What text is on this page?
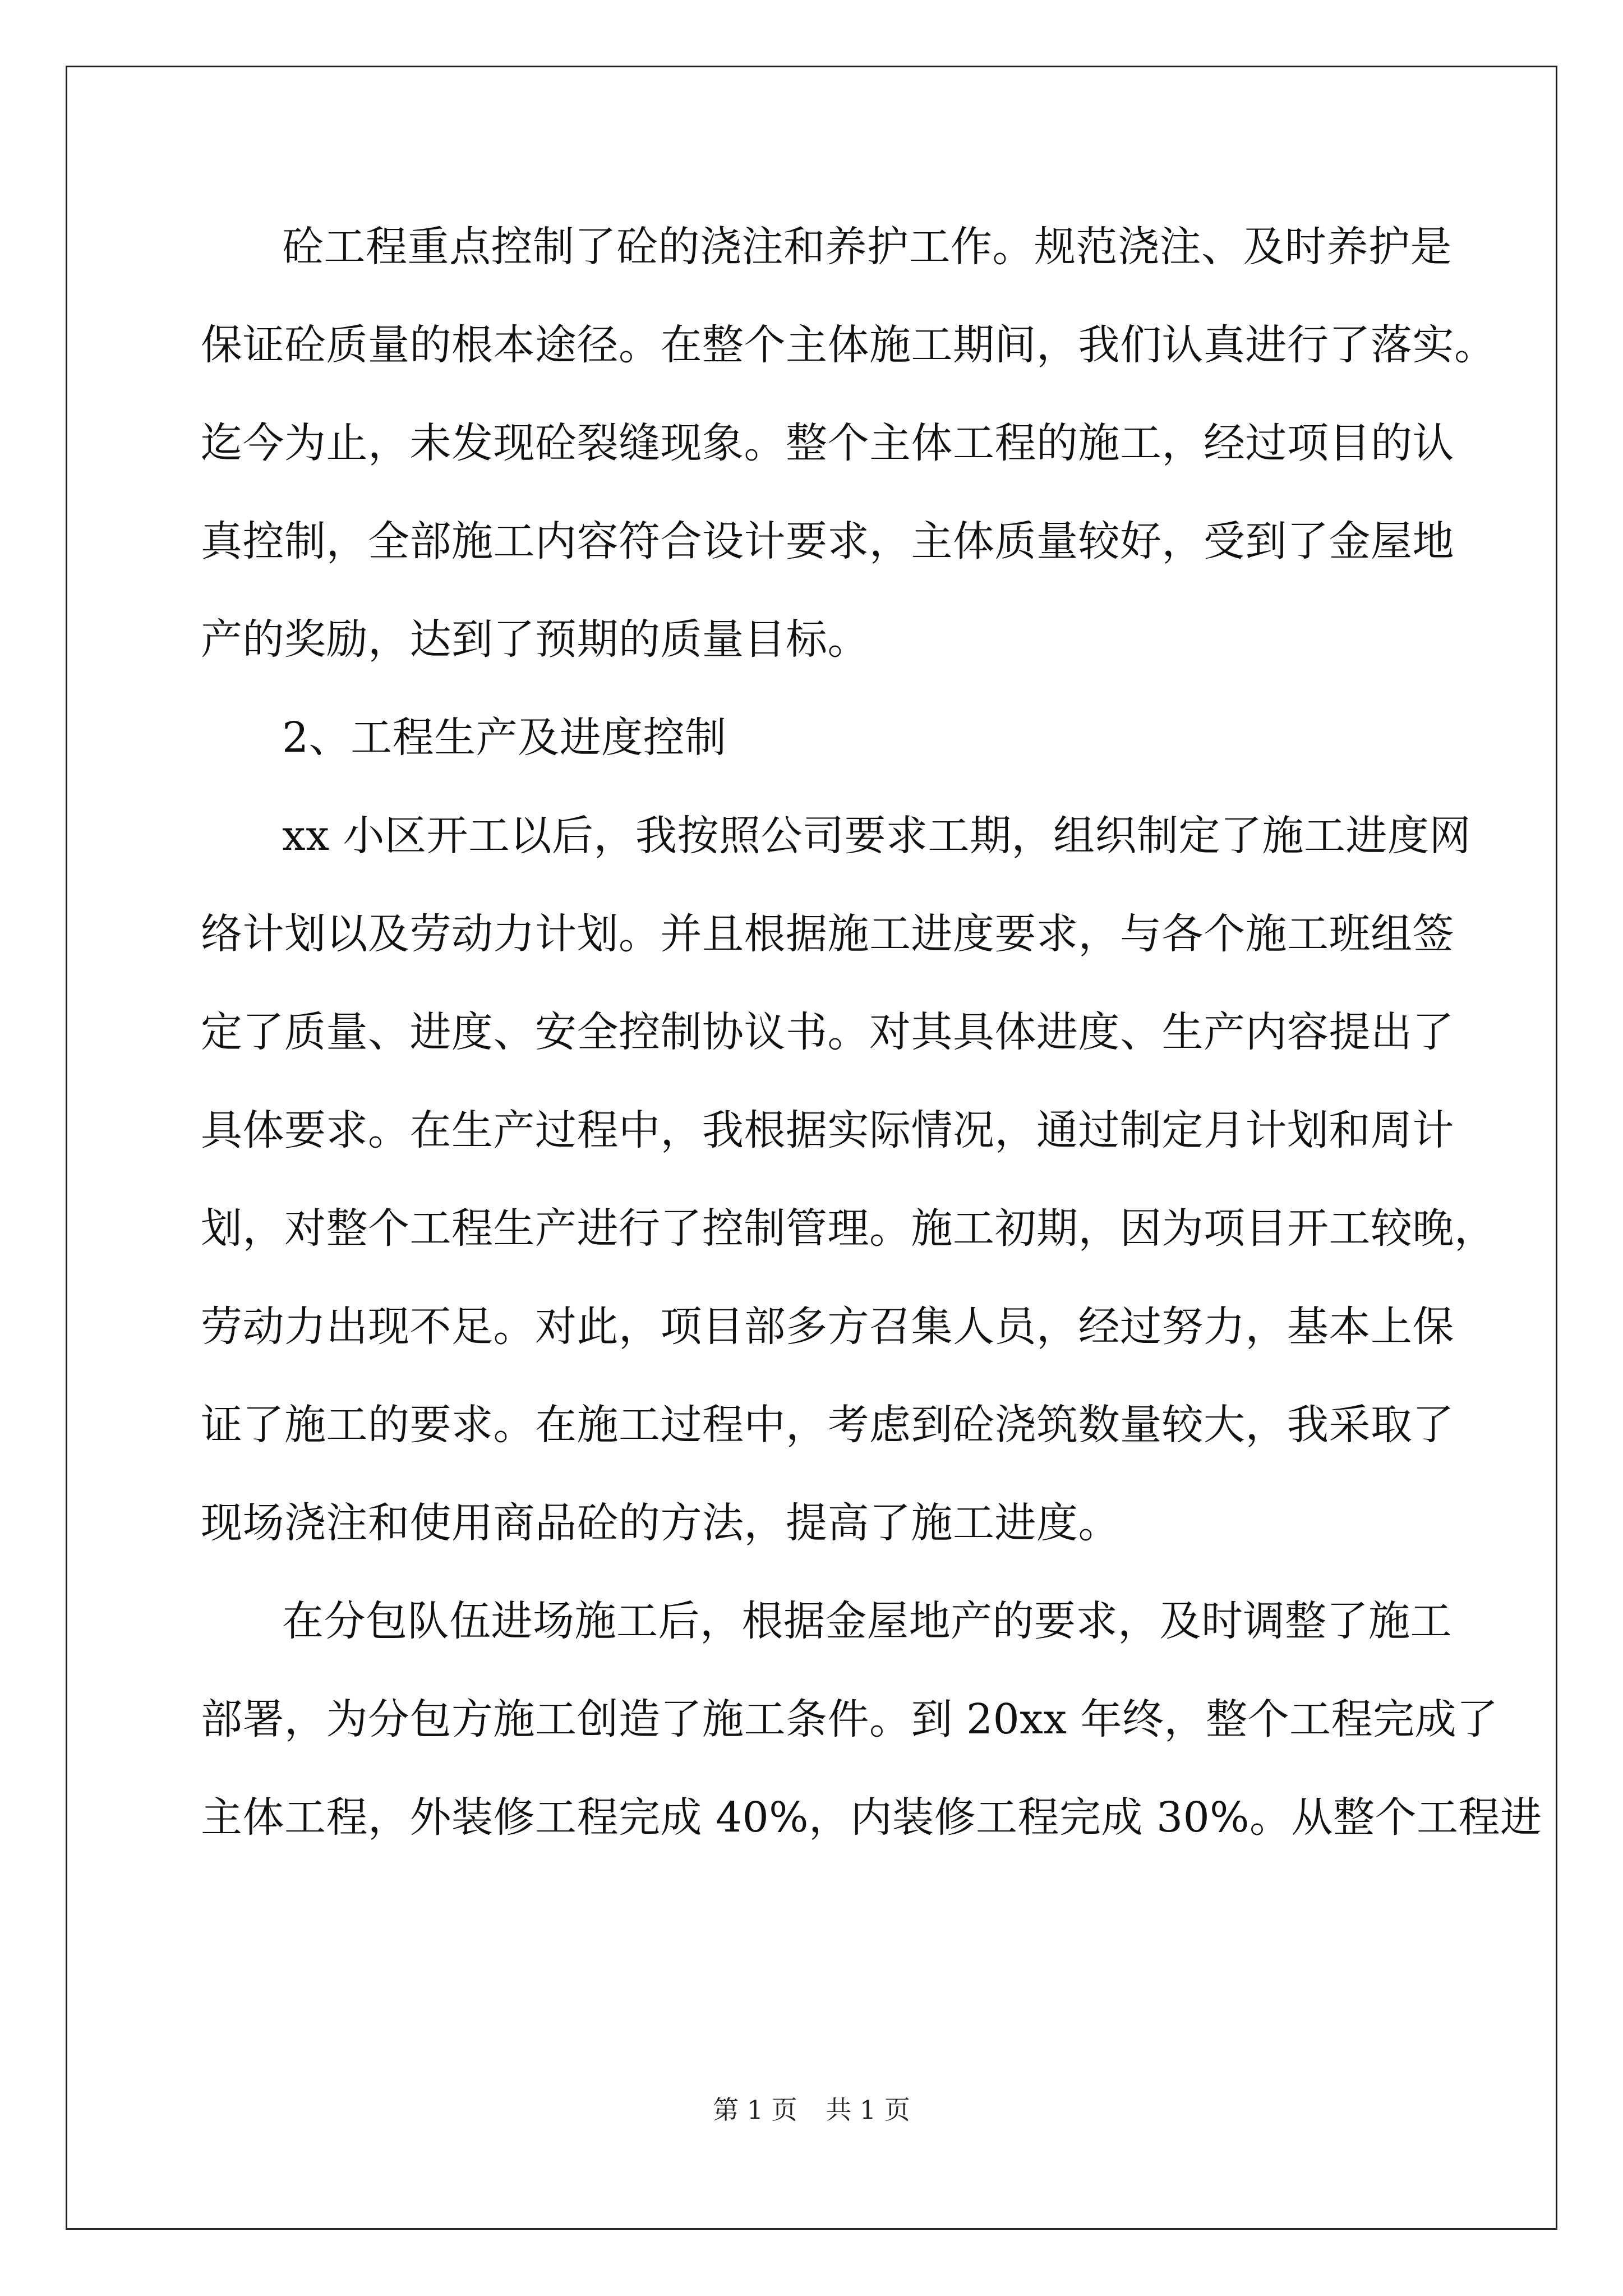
砼工程重点控制了砼的浇注和养护工作。规范浇注、及时养护是
保证砼质量的根本途径。在整个主体施工期间，我们认真进行了落实。
迄今为止，未发现砼裂缝现象。整个主体工程的施工，经过项目的认
真控制，全部施工内容符合设计要求，主体质量较好，受到了金屋地
产的奖励，达到了预期的质量目标。
2、工程生产及进度控制
xx 小区开工以后，我按照公司要求工期，组织制定了施工进度网
络计划以及劳动力计划。并且根据施工进度要求，与各个施工班组签
定了质量、进度、安全控制协议书。对其具体进度、生产内容提出了
具体要求。在生产过程中，我根据实际情况，通过制定月计划和周计
划，对整个工程生产进行了控制管理。施工初期，因为项目开工较晚，
劳动力出现不足。对此，项目部多方召集人员，经过努力，基本上保
证了施工的要求。在施工过程中，考虑到砼浇筑数量较大，我采取了
现场浇注和使用商品砼的方法，提高了施工进度。
在分包队伍进场施工后，根据金屋地产的要求，及时调整了施工
部署，为分包方施工创造了施工条件。到 20xx 年终，整个工程完成了
主体工程，外装修工程完成 40%，内装修工程完成 30%。从整个工程进
第 1 页 共 1 页
